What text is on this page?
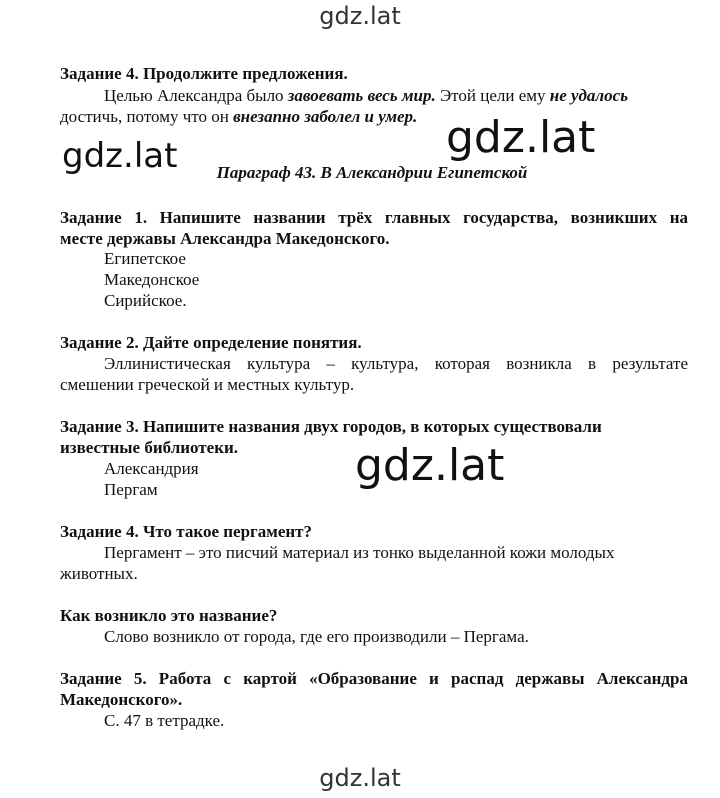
gdz.lat
Задание 4. Продолжите предложения.
Целью Александра было завоевать весь мир. Этой цели ему не удалось
достичь, потому что он внезапно заболел и умер. gdz.lat
gdz.lat	Параграф 43. В Александрии Египетской
Задание 1. Напишите названии трёх главных государства, возникших на
месте державы Александра Македонского.
Египетское
Македонское
Сирийское.
Задание 2. Дайте определение понятия.
Эллинистическая культура – культура, которая возникла в результате
смешении греческой и местных культур.
Задание 3. Напишите названия двух городов, в которых существовали
известные библиотеки.
Александрия
Пергам	gdz.lat
Задание 4. Что такое пергамент?
Пергамент – это писчий материал из тонко выделанной кожи молодых
животных.
Как возникло это название?
Слово возникло от города, где его производили – Пергама.
Задание 5. Работа с картой «Образование и распад державы Александра
Македонского».
С. 47 в тетрадке.
gdz.lat
